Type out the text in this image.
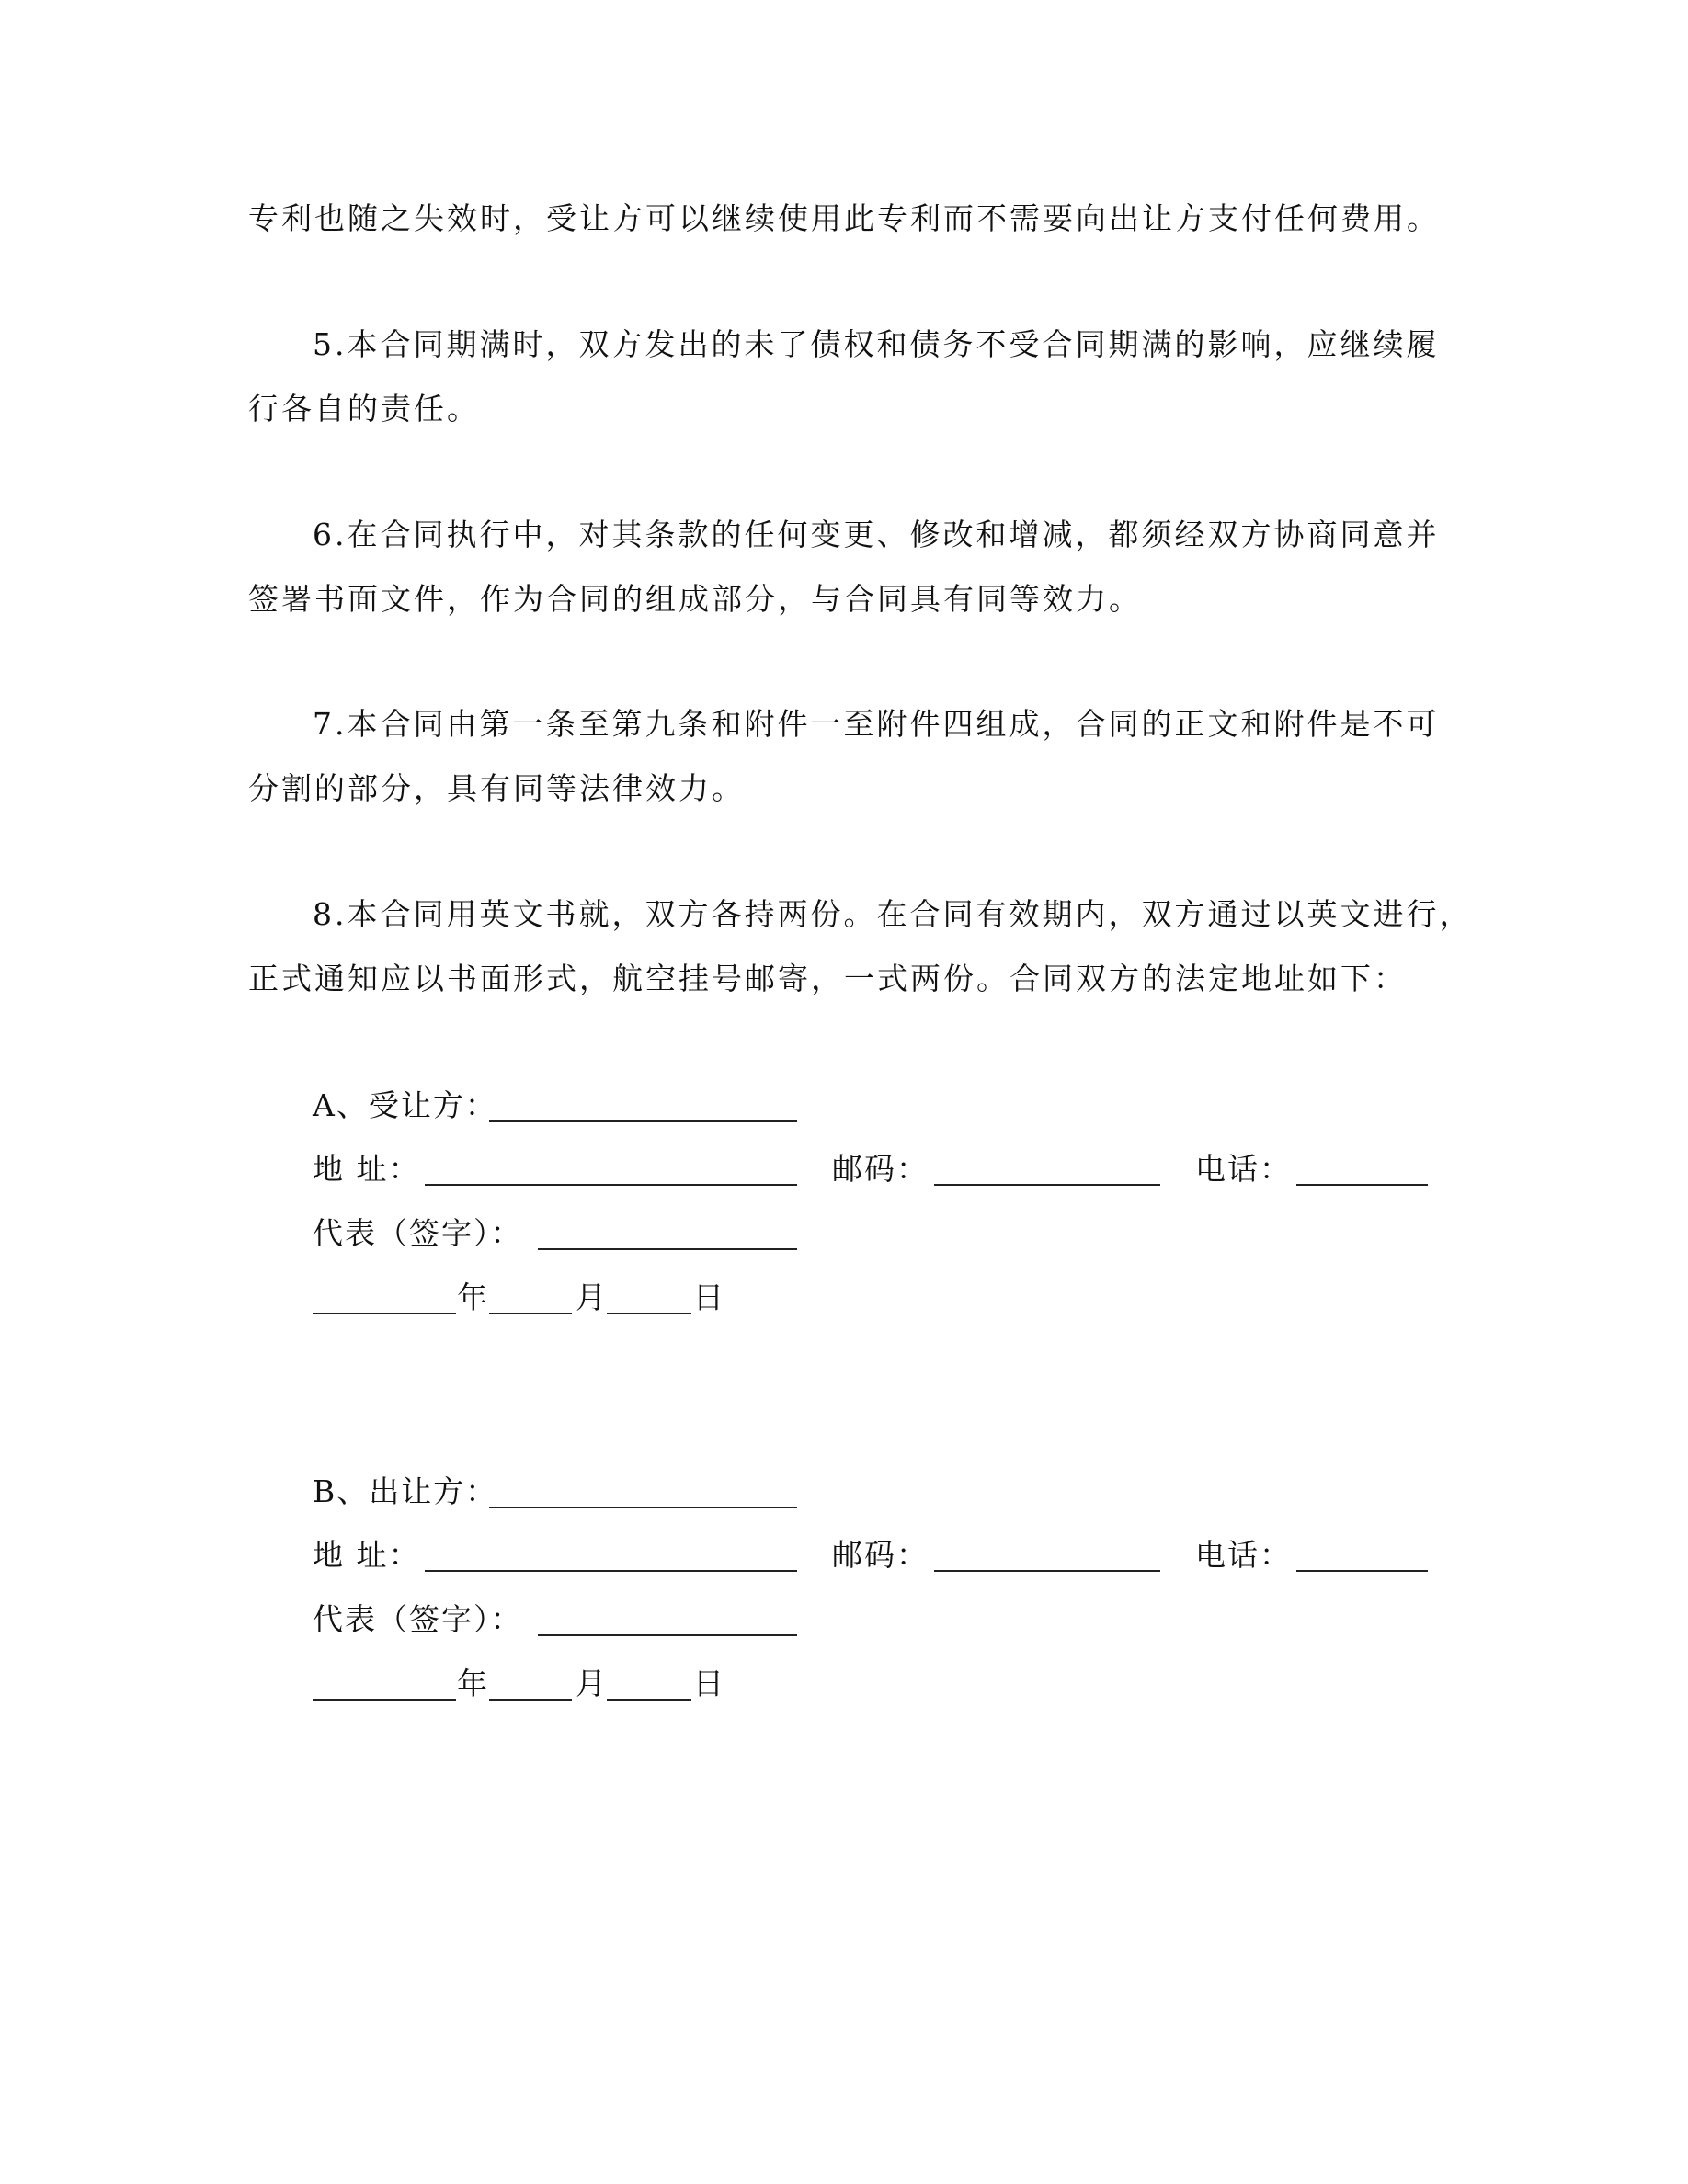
专利也随之失效时，受让方可以继续使用此专利而不需要向出让方支付任何费用。
5.本合同期满时，双方发出的未了债权和债务不受合同期满的影响，应继续履
行各自的责任。
6.在合同执行中，对其条款的任何变更、修改和增减，都须经双方协商同意并
签署书面文件，作为合同的组成部分，与合同具有同等效力。
7.本合同由第一条至第九条和附件一至附件四组成，合同的正文和附件是不可
分割的部分，具有同等法律效力。
8.本合同用英文书就，双方各持两份。在合同有效期内，双方通过以英文进行，
正式通知应以书面形式，航空挂号邮寄，一式两份。合同双方的法定地址如下：
A、受让方：
地 址：	邮码：	电话：
代表（签字）：
年	月	日
B、出让方：
地 址：	邮码：	电话：
代表（签字）：
年	月	日
